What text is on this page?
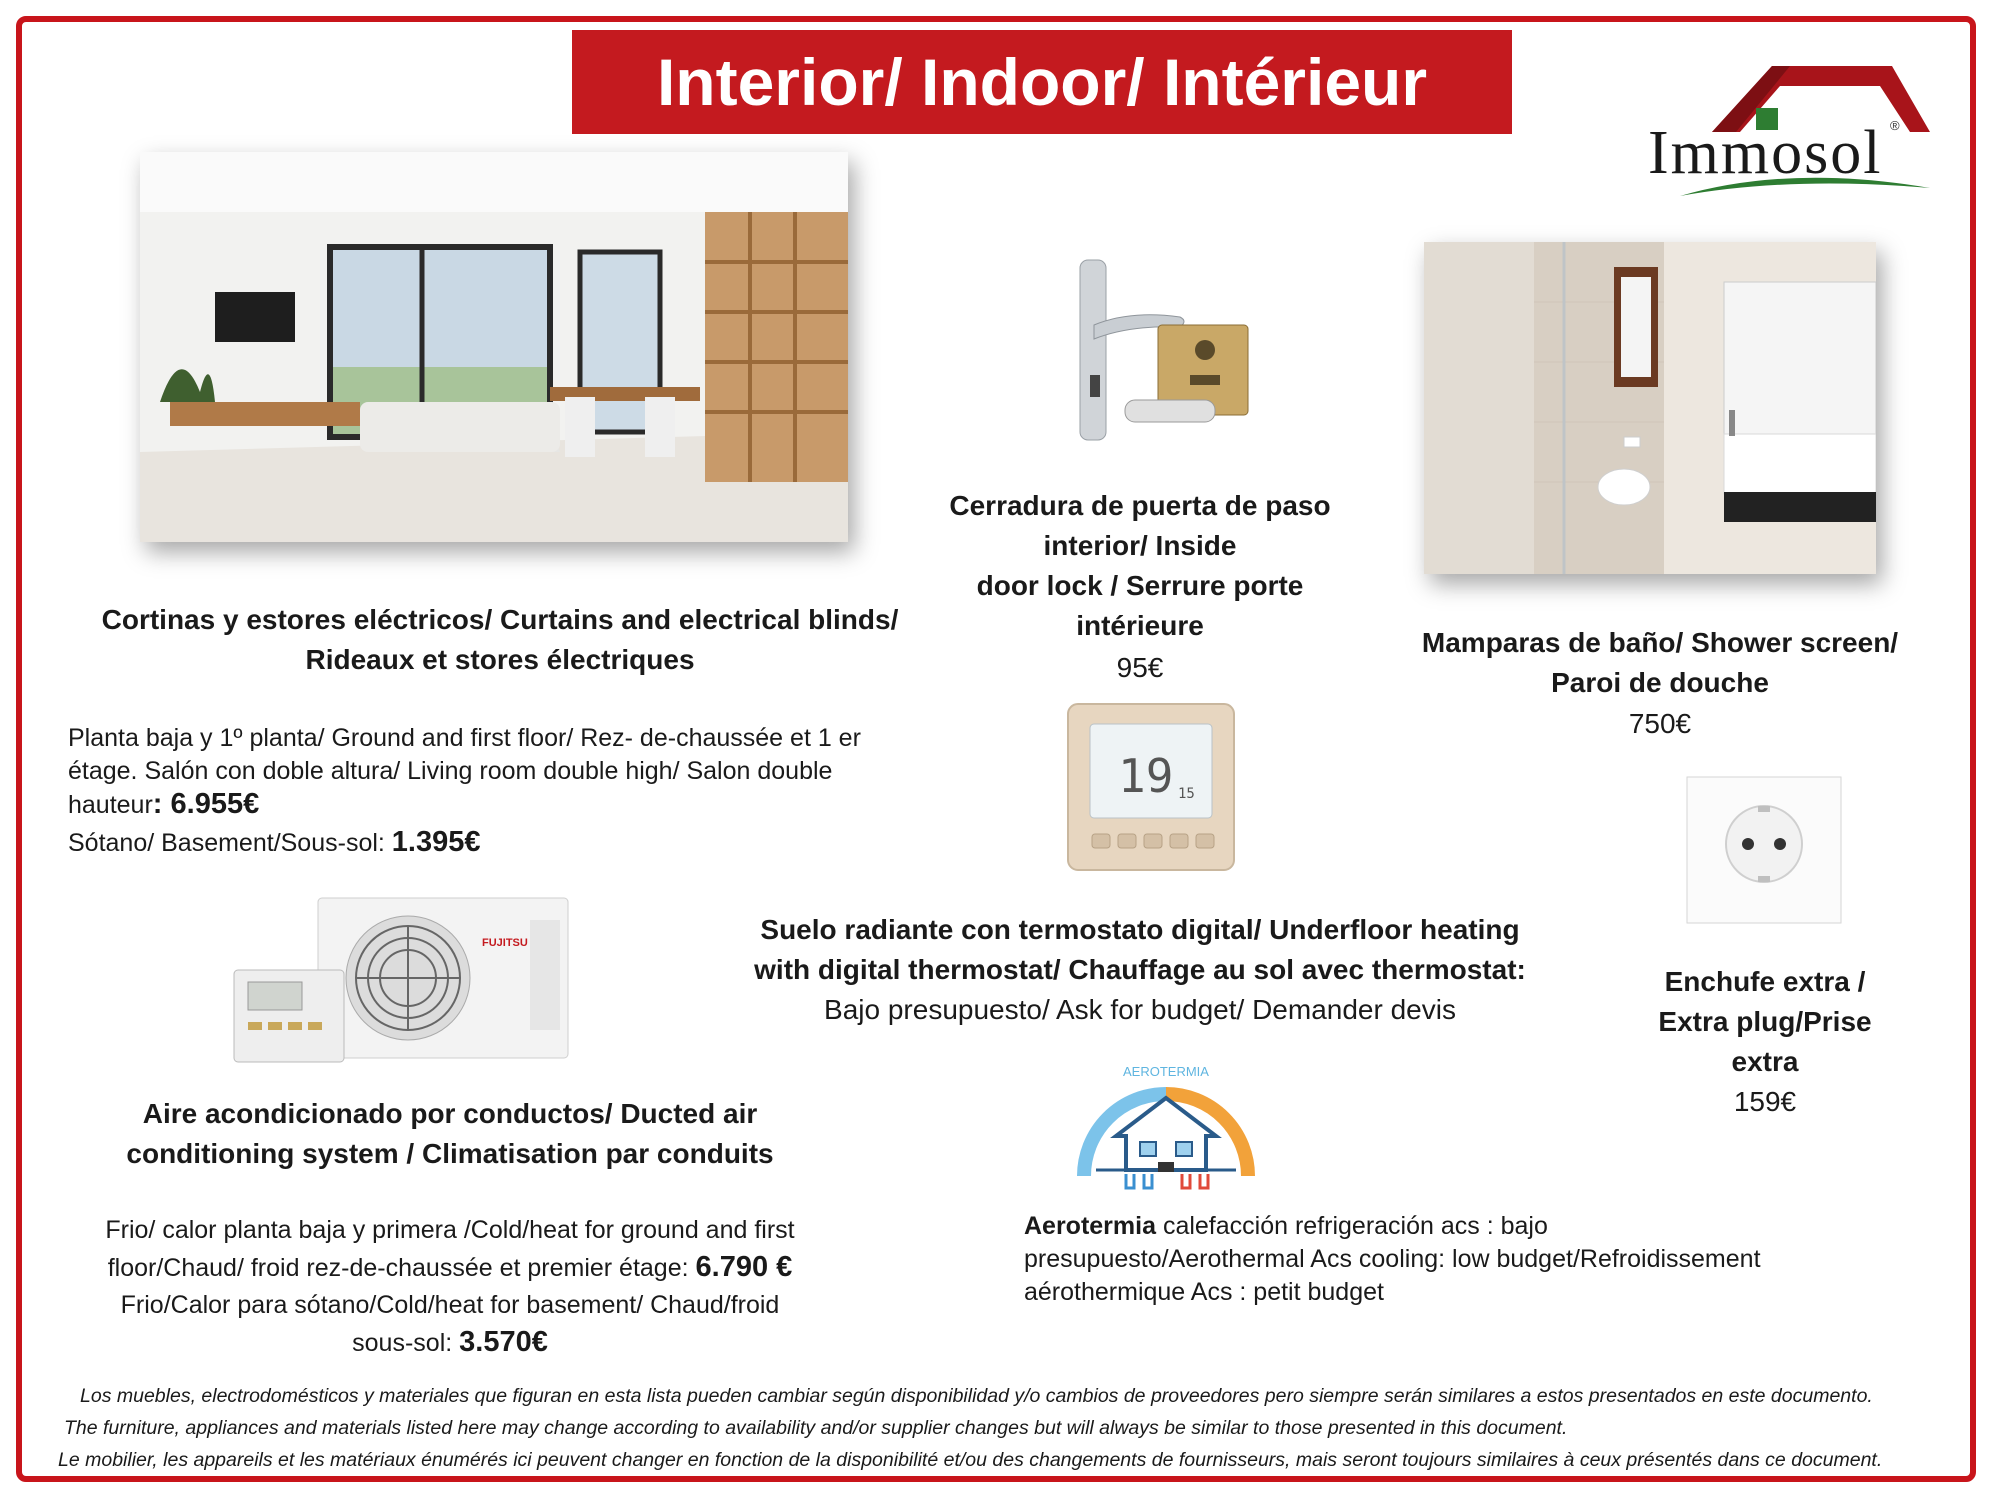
Interior/ Indoor/ Intérieur
Immosol ®
Cerradura de puerta de paso
interior/ Inside
door lock / Serrure porte
intérieure
95€
Mamparas de baño/ Shower screen/
Paroi de douche
750€
Cortinas y estores eléctricos/ Curtains and electrical blinds/
Rideaux et stores électriques
Planta baja y 1º planta/ Ground and first floor/ Rez- de-chaussée et 1 er
étage. Salón con doble altura/ Living room double high/ Salon double
hauteur: 6.955€
Sótano/ Basement/Sous-sol: 1.395€
19 15
Suelo radiante con termostato digital/ Underfloor heating
with digital thermostat/ Chauffage au sol avec thermostat:
Bajo presupuesto/ Ask for budget/ Demander devis
Enchufe extra /
Extra plug/Prise
extra
159€
FUJITSU
Aire acondicionado por conductos/ Ducted air
conditioning system / Climatisation par conduits
Frio/ calor planta baja y primera /Cold/heat for ground and first
floor/Chaud/ froid rez-de-chaussée et premier étage: 6.790 €
Frio/Calor para sótano/Cold/heat for basement/ Chaud/froid
sous-sol: 3.570€
AEROTERMIA
Aerotermia calefacción refrigeración acs : bajo
presupuesto/Aerothermal Acs cooling: low budget/Refroidissement
aérothermique Acs : petit budget
Los muebles, electrodomésticos y materiales que figuran en esta lista pueden cambiar según disponibilidad y/o cambios de proveedores pero siempre serán similares a estos presentados en este documento.
The furniture, appliances and materials listed here may change according to availability and/or supplier changes but will always be similar to those presented in this document.
Le mobilier, les appareils et les matériaux énumérés ici peuvent changer en fonction de la disponibilité et/ou des changements de fournisseurs, mais seront toujours similaires à ceux présentés dans ce document.
